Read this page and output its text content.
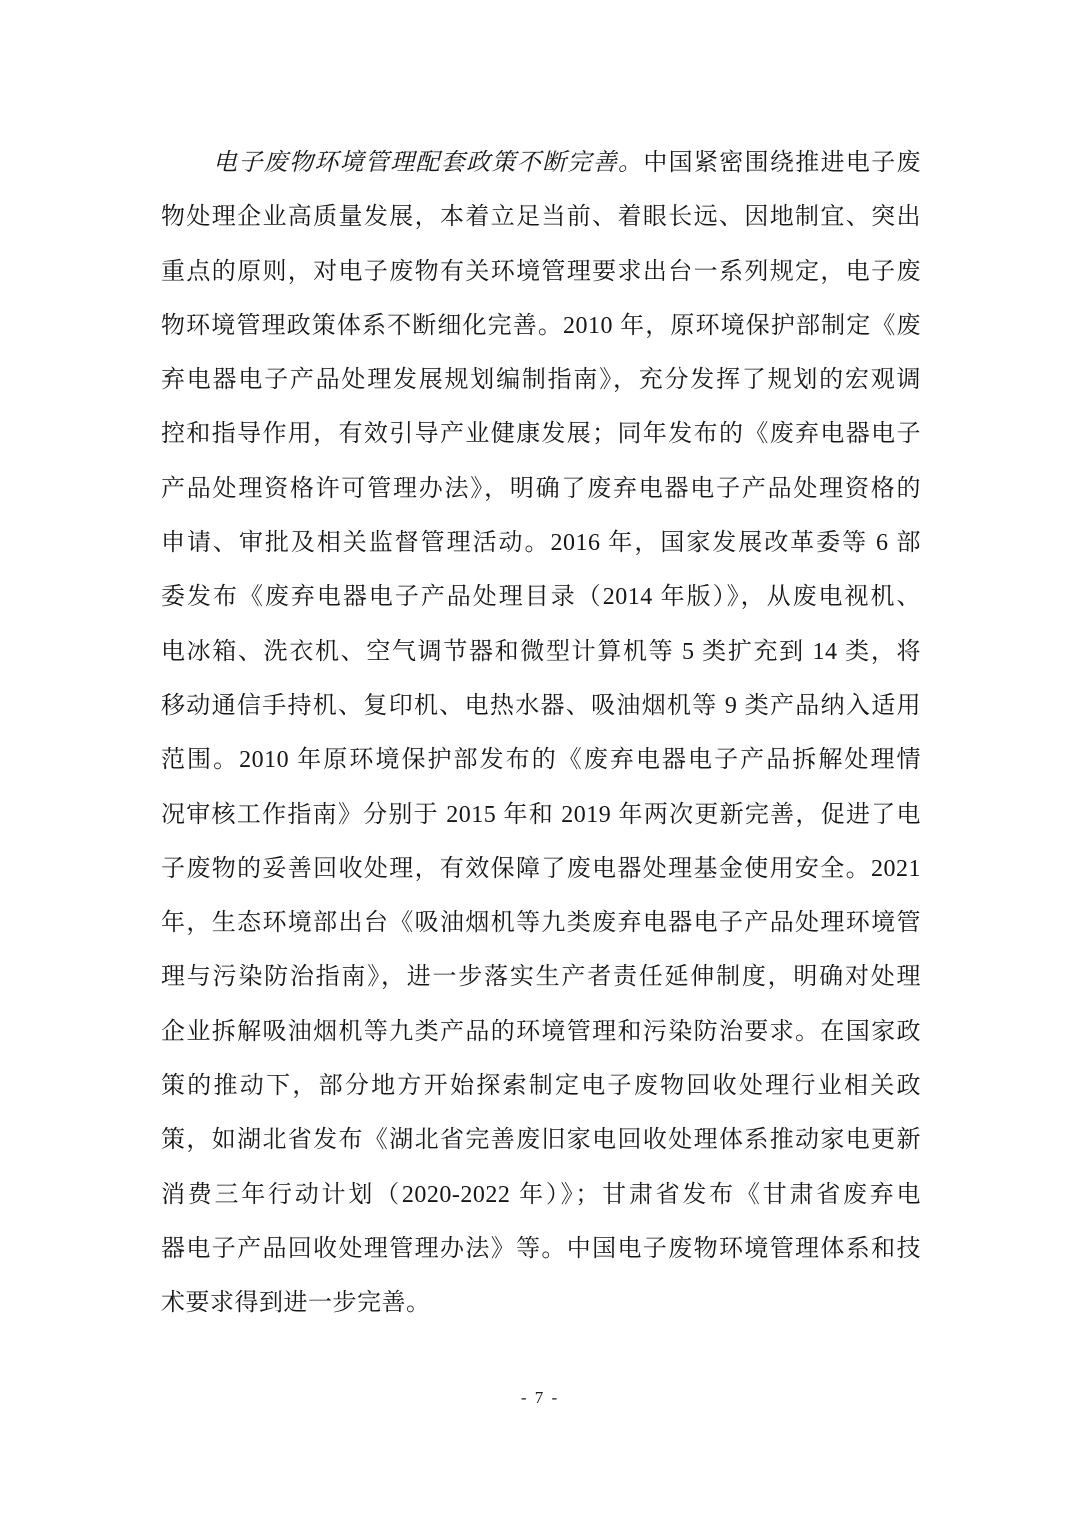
电子废物环境管理配套政策不断完善。中国紧密围绕推进电子废
物处理企业高质量发展，本着立足当前、着眼长远、因地制宜、突出
重点的原则，对电子废物有关环境管理要求出台一系列规定，电子废
物环境管理政策体系不断细化完善。2010 年，原环境保护部制定《废
弃电器电子产品处理发展规划编制指南》，充分发挥了规划的宏观调
控和指导作用，有效引导产业健康发展；同年发布的《废弃电器电子
产品处理资格许可管理办法》，明确了废弃电器电子产品处理资格的
申请、审批及相关监督管理活动。2016 年，国家发展改革委等 6 部
委发布《废弃电器电子产品处理目录（2014 年版）》，从废电视机、
电冰箱、洗衣机、空气调节器和微型计算机等 5 类扩充到 14 类，将
移动通信手持机、复印机、电热水器、吸油烟机等 9 类产品纳入适用
范围。2010 年原环境保护部发布的《废弃电器电子产品拆解处理情
况审核工作指南》分别于 2015 年和 2019 年两次更新完善，促进了电
子废物的妥善回收处理，有效保障了废电器处理基金使用安全。2021
年，生态环境部出台《吸油烟机等九类废弃电器电子产品处理环境管
理与污染防治指南》，进一步落实生产者责任延伸制度，明确对处理
企业拆解吸油烟机等九类产品的环境管理和污染防治要求。在国家政
策的推动下，部分地方开始探索制定电子废物回收处理行业相关政
策，如湖北省发布《湖北省完善废旧家电回收处理体系推动家电更新
消费三年行动计划（2020-2022 年）》；甘肃省发布《甘肃省废弃电
器电子产品回收处理管理办法》等。中国电子废物环境管理体系和技
术要求得到进一步完善。
- 7 -
